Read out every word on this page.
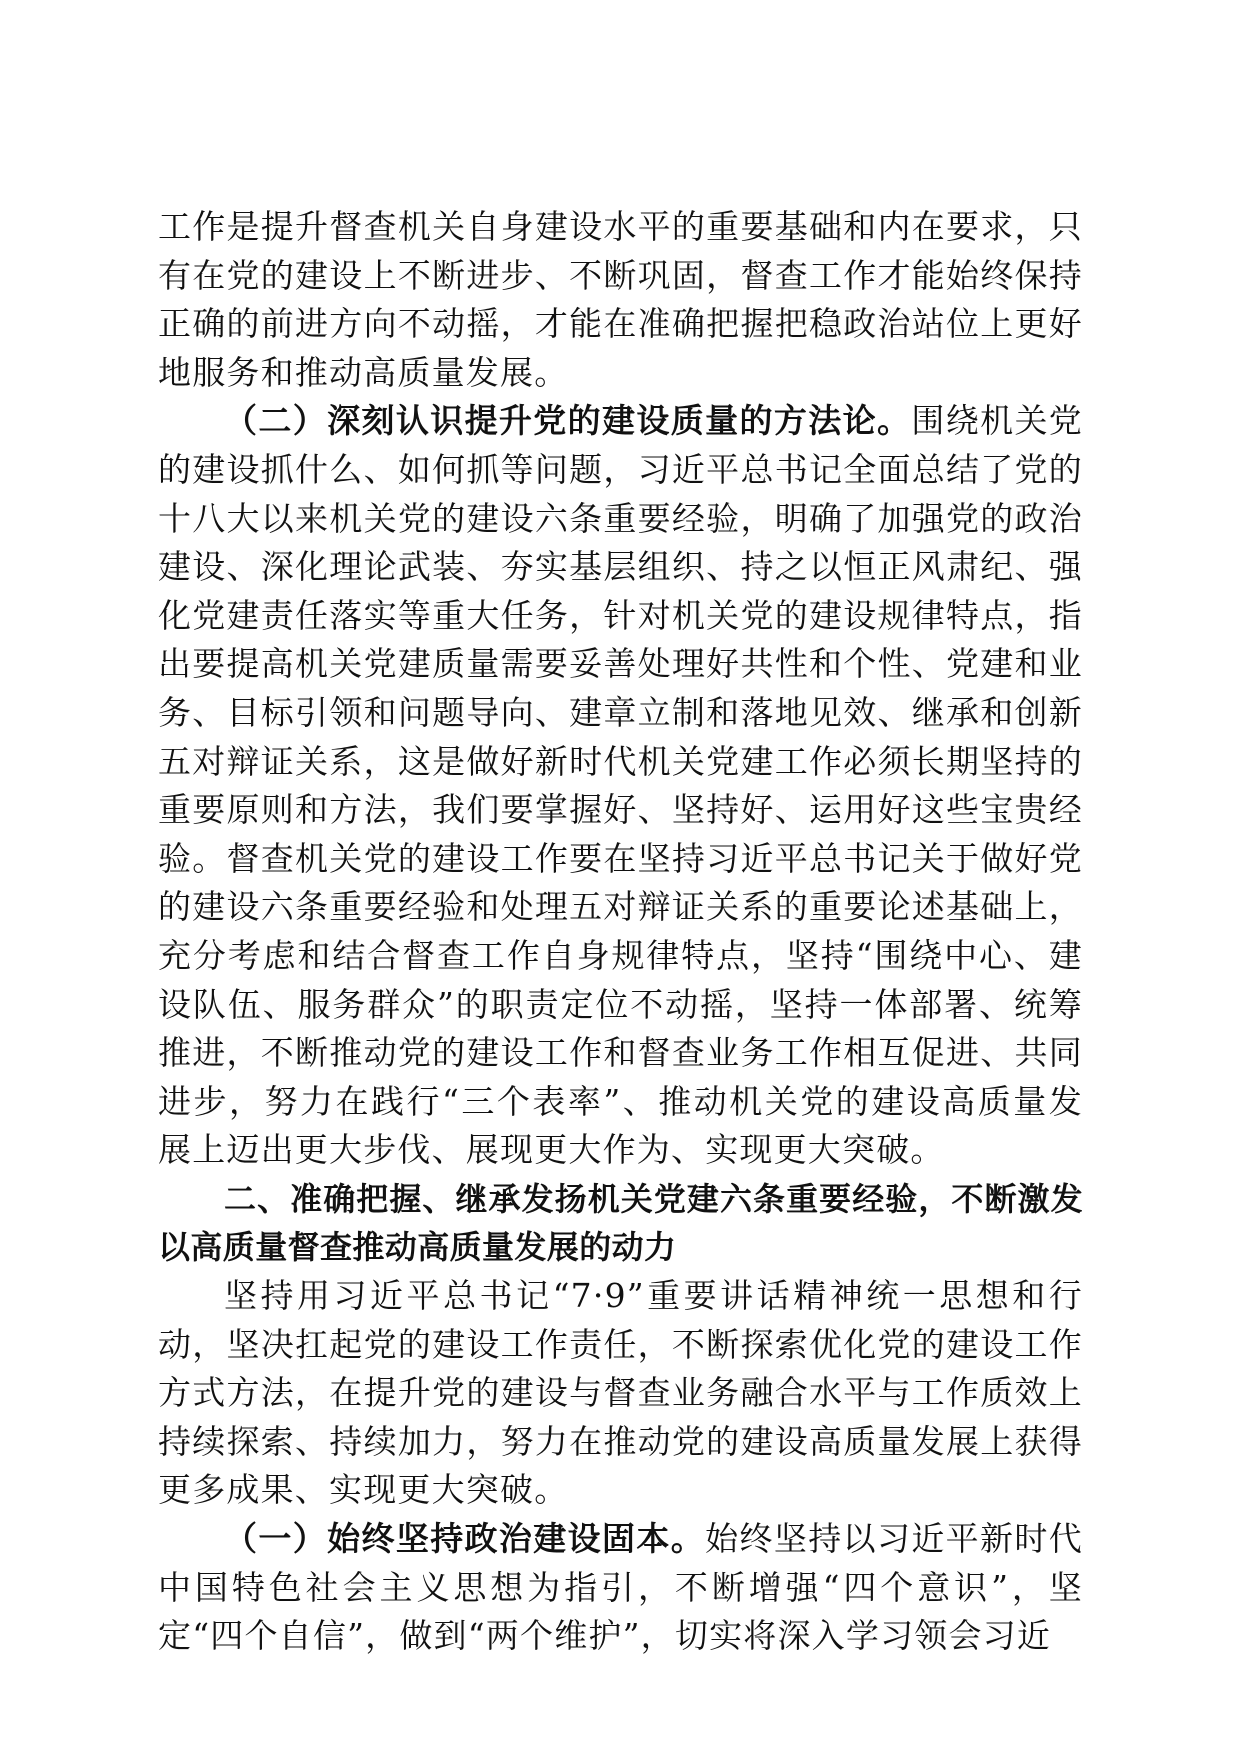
工作是提升督查机关自身建设水平的重要基础和内在要求，只有在党的建设上不断进步、不断巩固，督查工作才能始终保持正确的前进方向不动摇，才能在准确把握把稳政治站位上更好地服务和推动高质量发展。

（二）深刻认识提升党的建设质量的方法论。围绕机关党的建设抓什么、如何抓等问题，习近平总书记全面总结了党的十八大以来机关党的建设六条重要经验，明确了加强党的政治建设、深化理论武装、夯实基层组织、持之以恒正风肃纪、强化党建责任落实等重大任务，针对机关党的建设规律特点，指出要提高机关党建质量需要妥善处理好共性和个性、党建和业务、目标引领和问题导向、建章立制和落地见效、继承和创新五对辩证关系，这是做好新时代机关党建工作必须长期坚持的重要原则和方法，我们要掌握好、坚持好、运用好这些宝贵经验。督查机关党的建设工作要在坚持习近平总书记关于做好党的建设六条重要经验和处理五对辩证关系的重要论述基础上，充分考虑和结合督查工作自身规律特点，坚持“围绕中心、建设队伍、服务群众”的职责定位不动摇，坚持一体部署、统筹推进，不断推动党的建设工作和督查业务工作相互促进、共同进步，努力在践行“三个表率”、推动机关党的建设高质量发展上迈出更大步伐、展现更大作为、实现更大突破。

二、准确把握、继承发扬机关党建六条重要经验，不断激发以高质量督查推动高质量发展的动力

坚持用习近平总书记“7·9”重要讲话精神统一思想和行动，坚决扛起党的建设工作责任，不断探索优化党的建设工作方式方法，在提升党的建设与督查业务融合水平与工作质效上持续探索、持续加力，努力在推动党的建设高质量发展上获得更多成果、实现更大突破。

（一）始终坚持政治建设固本。始终坚持以习近平新时代中国特色社会主义思想为指引，不断增强“四个意识”，坚定“四个自信”，做到“两个维护”，切实将深入学习领会习近
